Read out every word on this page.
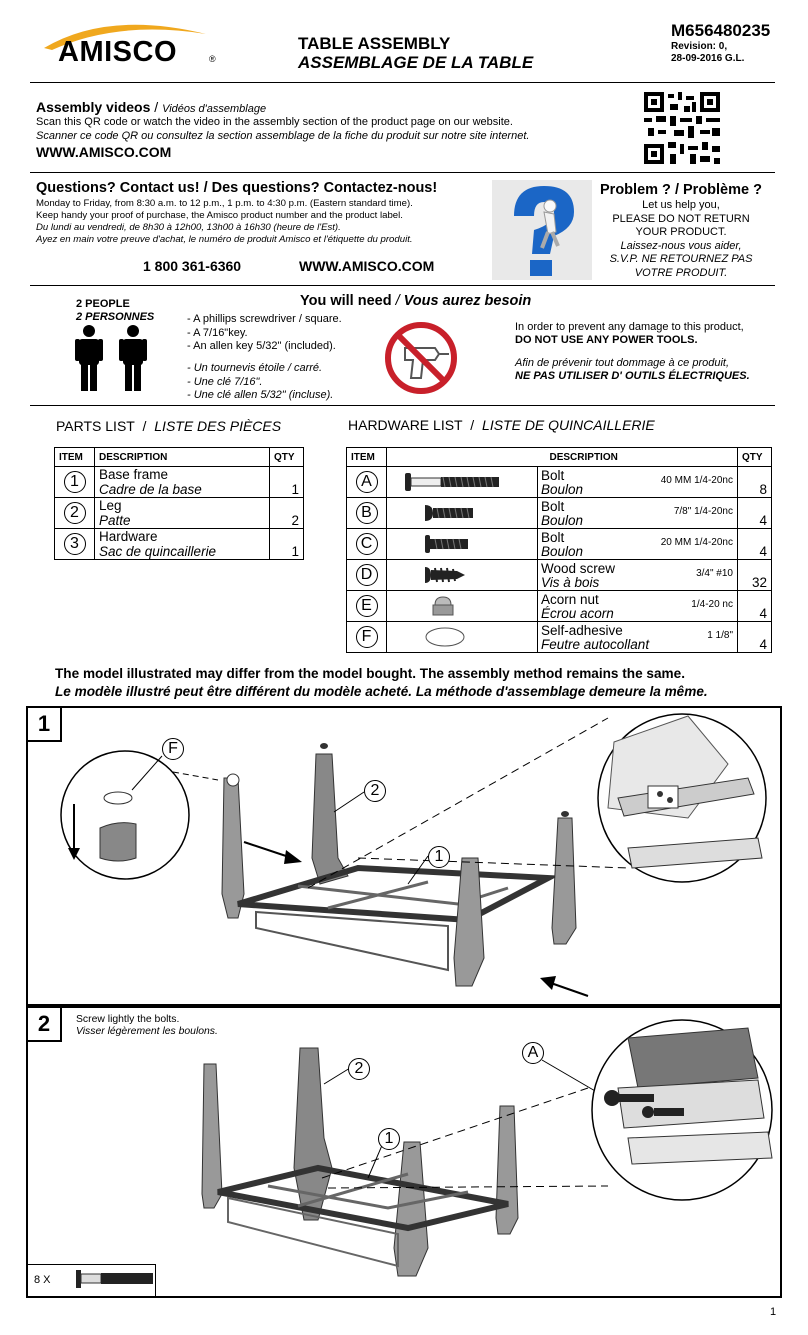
AMISCO	®
TABLE ASSEMBLY
ASSEMBLAGE DE LA TABLE
M656480235
Revision: 0,
28-09-2016 G.L.
Assembly videos / Vidéos d'assemblage
Scan this QR code or watch the video in the assembly section of the product page on our website.
Scanner ce code QR ou consultez la section assemblage de la fiche du produit sur notre site internet.
WWW.AMISCO.COM
Questions? Contact us! / Des questions? Contactez-nous!
Monday to Friday, from 8:30 a.m. to 12 p.m., 1 p.m. to 4:30 p.m. (Eastern standard time).
Keep handy your proof of purchase, the Amisco product number and the product label.
Du lundi au vendredi, de 8h30 à 12h00, 13h00 à 16h30 (heure de l'Est).
Ayez en main votre preuve d'achat, le numéro de produit Amisco et l'étiquette du produit.
1 800 361-6360	WWW.AMISCO.COM
Problem ? / Problème ?
Let us help you,
PLEASE DO NOT RETURN
YOUR PRODUCT.
Laissez-nous vous aider,
S.V.P. NE RETOURNEZ PAS
VOTRE PRODUIT.
2 PEOPLE
2 PERSONNES
You will need / Vous aurez besoin
- A phillips screwdriver / square.
- A 7/16"key.
- An allen key 5/32" (included).
- Un tournevis étoile / carré.
- Une clé 7/16".
- Une clé allen 5/32" (incluse).
In order to prevent any damage to this product,
DO NOT USE ANY POWER TOOLS.
Afin de prévenir tout dommage à ce produit,
NE PAS UTILISER D' OUTILS ÉLECTRIQUES.
PARTS LIST / LISTE DES PIÈCES
ITEM	DESCRIPTION	QTY

1	Base frame
Cadre de la base	1

2	Leg
Patte	2

3	Hardware
Sac de quincaillerie	1
HARDWARE LIST / LISTE DE QUINCAILLERIE
ITEM		DESCRIPTION	QTY

A		Bolt
Boulon
40 MM 1/4-20nc	8

B		Bolt
Boulon
7/8" 1/4-20nc	4

C		Bolt
Boulon
20 MM 1/4-20nc	4

D		Wood screw
Vis à bois
3/4" #10	32

E		Acorn nut
Écrou acorn
1/4-20 nc	4

F		Self-adhesive
Feutre autocollant
1 1/8"	4
The model illustrated may differ from the model bought. The assembly method remains the same.
Le modèle illustré peut être différent du modèle acheté. La méthode d'assemblage demeure la même.
1
F
2
1
2	Screw lightly the bolts.
Visser légèrement les boulons.
A
2
1
8 X
1
